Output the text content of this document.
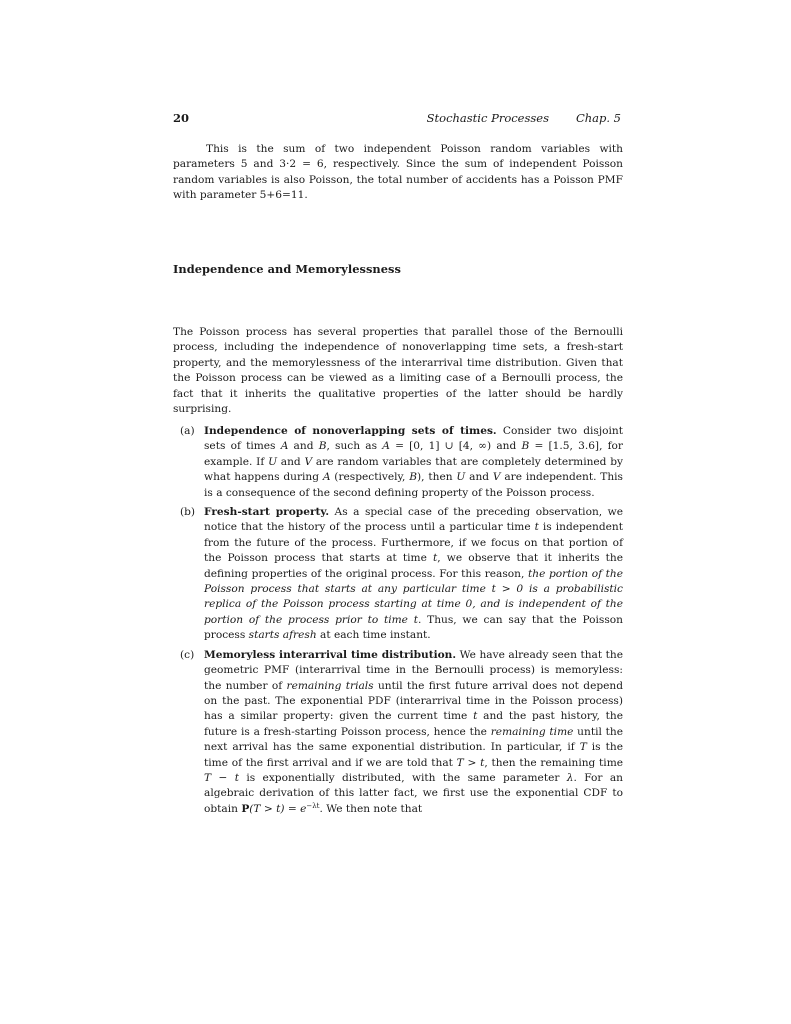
20	Stochastic Processes Chap. 5
This is the sum of two independent Poisson random variables with parameters 5 and 3·2 = 6, respectively. Since the sum of independent Poisson random variables is also Poisson, the total number of accidents has a Poisson PMF with parameter 5+6=11.
Independence and Memorylessness
The Poisson process has several properties that parallel those of the Bernoulli process, including the independence of nonoverlapping time sets, a fresh-start property, and the memorylessness of the interarrival time distribution. Given that the Poisson process can be viewed as a limiting case of a Bernoulli process, the fact that it inherits the qualitative properties of the latter should be hardly surprising.
(a) Independence of nonoverlapping sets of times. Consider two disjoint sets of times A and B, such as A = [0, 1] ∪ [4, ∞) and B = [1.5, 3.6], for example. If U and V are random variables that are completely determined by what happens during A (respectively, B), then U and V are independent. This is a consequence of the second defining property of the Poisson process.
(b) Fresh-start property. As a special case of the preceding observation, we notice that the history of the process until a particular time t is independent from the future of the process. Furthermore, if we focus on that portion of the Poisson process that starts at time t, we observe that it inherits the defining properties of the original process. For this reason, the portion of the Poisson process that starts at any particular time t > 0 is a probabilistic replica of the Poisson process starting at time 0, and is independent of the portion of the process prior to time t. Thus, we can say that the Poisson process starts afresh at each time instant.
(c) Memoryless interarrival time distribution. We have already seen that the geometric PMF (interarrival time in the Bernoulli process) is memoryless: the number of remaining trials until the first future arrival does not depend on the past. The exponential PDF (interarrival time in the Poisson process) has a similar property: given the current time t and the past history, the future is a fresh-starting Poisson process, hence the remaining time until the next arrival has the same exponential distribution. In particular, if T is the time of the first arrival and if we are told that T > t, then the remaining time T − t is exponentially distributed, with the same parameter λ. For an algebraic derivation of this latter fact, we first use the exponential CDF to obtain $P(T > t) = e^{-\lambda t}$. We then note that
